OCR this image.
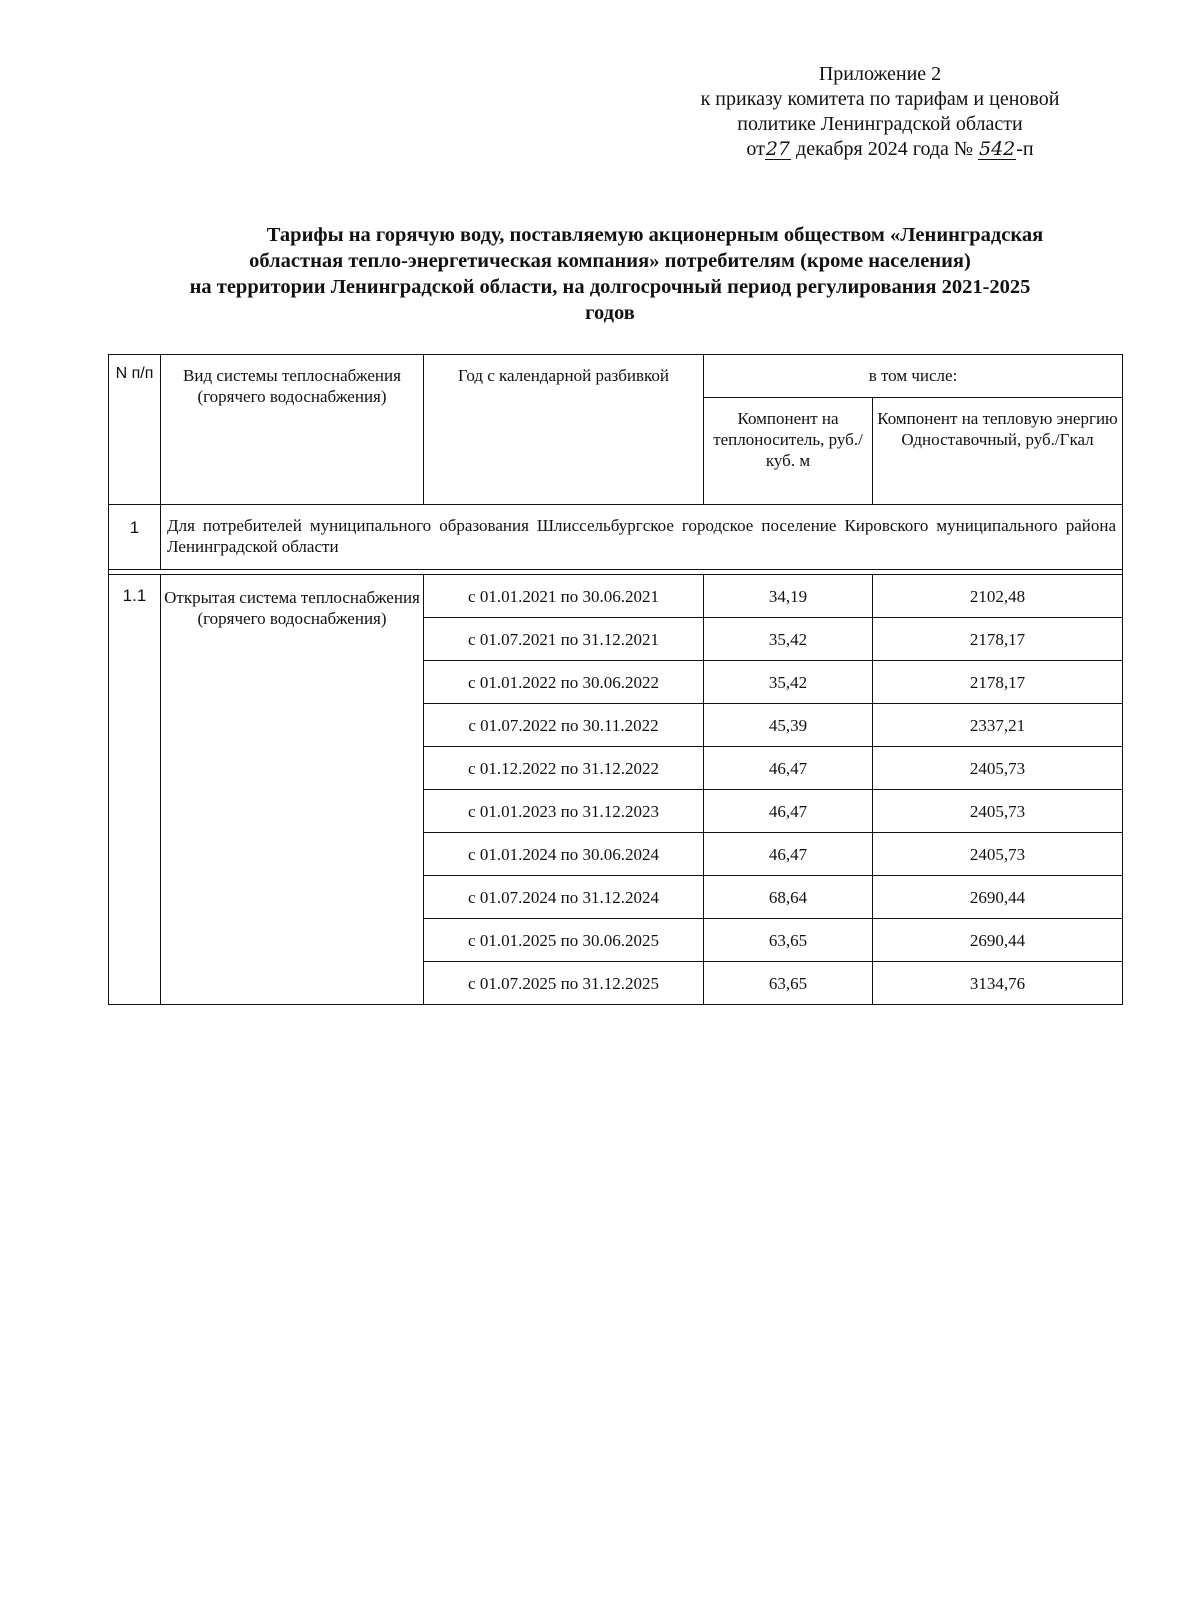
Приложение 2
к приказу комитета по тарифам и ценовой
политике Ленинградской области
от27 декабря 2024 года № 542-п
Тарифы на горячую воду, поставляемую акционерным обществом «Ленинградская
областная тепло-энергетическая компания» потребителям (кроме населения)
на территории Ленинградской области, на долгосрочный период регулирования 2021-2025
годов
N п/п	Вид системы теплоснабжения (горячего водоснабжения)	Год с календарной разбивкой	в том числе:	
			Компонент на теплоноситель, руб./куб. м	Компонент на тепловую энергию Одноставочный, руб./Гкал
1	Для потребителей муниципального образования Шлиссельбургское городское поселение Кировского муниципального района Ленинградской области			

1.1	Открытая система теплоснабжения (горячего водоснабжения)	с 01.01.2021 по 30.06.2021	34,19	2102,48
		с 01.07.2021 по 31.12.2021	35,42	2178,17
		с 01.01.2022 по 30.06.2022	35,42	2178,17
		с 01.07.2022 по 30.11.2022	45,39	2337,21
		с 01.12.2022 по 31.12.2022	46,47	2405,73
		с 01.01.2023 по 31.12.2023	46,47	2405,73
		с 01.01.2024 по 30.06.2024	46,47	2405,73
		с 01.07.2024 по 31.12.2024	68,64	2690,44
		с 01.01.2025 по 30.06.2025	63,65	2690,44
		с 01.07.2025 по 31.12.2025	63,65	3134,76
